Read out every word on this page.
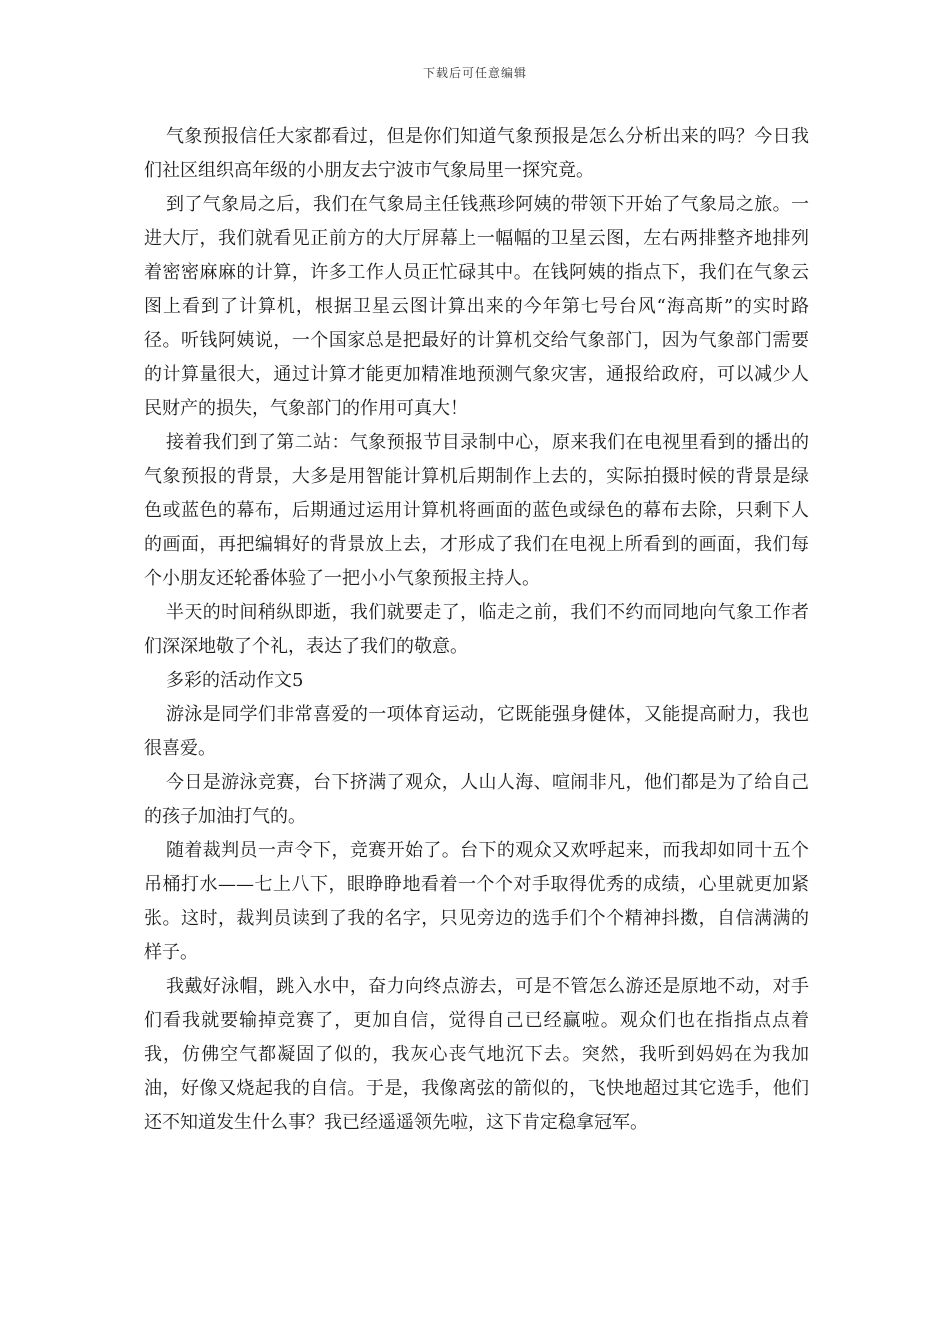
下载后可任意编辑

气象预报信任大家都看过，但是你们知道气象预报是怎么分析出来的吗？今日我们社区组织高年级的小朋友去宁波市气象局里一探究竟。

到了气象局之后，我们在气象局主任钱燕珍阿姨的带领下开始了气象局之旅。一进大厅，我们就看见正前方的大厅屏幕上一幅幅的卫星云图，左右两排整齐地排列着密密麻麻的计算，许多工作人员正忙碌其中。在钱阿姨的指点下，我们在气象云图上看到了计算机，根据卫星云图计算出来的今年第七号台风“海高斯”的实时路径。听钱阿姨说，一个国家总是把最好的计算机交给气象部门，因为气象部门需要的计算量很大，通过计算才能更加精准地预测气象灾害，通报给政府，可以减少人民财产的损失，气象部门的作用可真大！

接着我们到了第二站：气象预报节目录制中心，原来我们在电视里看到的播出的气象预报的背景，大多是用智能计算机后期制作上去的，实际拍摄时候的背景是绿色或蓝色的幕布，后期通过运用计算机将画面的蓝色或绿色的幕布去除，只剩下人的画面，再把编辑好的背景放上去，才形成了我们在电视上所看到的画面，我们每个小朋友还轮番体验了一把小小气象预报主持人。

半天的时间稍纵即逝，我们就要走了，临走之前，我们不约而同地向气象工作者们深深地敬了个礼，表达了我们的敬意。

多彩的活动作文5

游泳是同学们非常喜爱的一项体育运动，它既能强身健体，又能提高耐力，我也很喜爱。

今日是游泳竞赛，台下挤满了观众，人山人海、喧闹非凡，他们都是为了给自己的孩子加油打气的。

随着裁判员一声令下，竞赛开始了。台下的观众又欢呼起来，而我却如同十五个吊桶打水——七上八下，眼睁睁地看着一个个对手取得优秀的成绩，心里就更加紧张。这时，裁判员读到了我的名字，只见旁边的选手们个个精神抖擞，自信满满的样子。

我戴好泳帽，跳入水中，奋力向终点游去，可是不管怎么游还是原地不动，对手们看我就要输掉竞赛了，更加自信，觉得自己已经赢啦。观众们也在指指点点着我，仿佛空气都凝固了似的，我灰心丧气地沉下去。突然，我听到妈妈在为我加油，好像又烧起我的自信。于是，我像离弦的箭似的，飞快地超过其它选手，他们还不知道发生什么事？我已经遥遥领先啦，这下肯定稳拿冠军。
